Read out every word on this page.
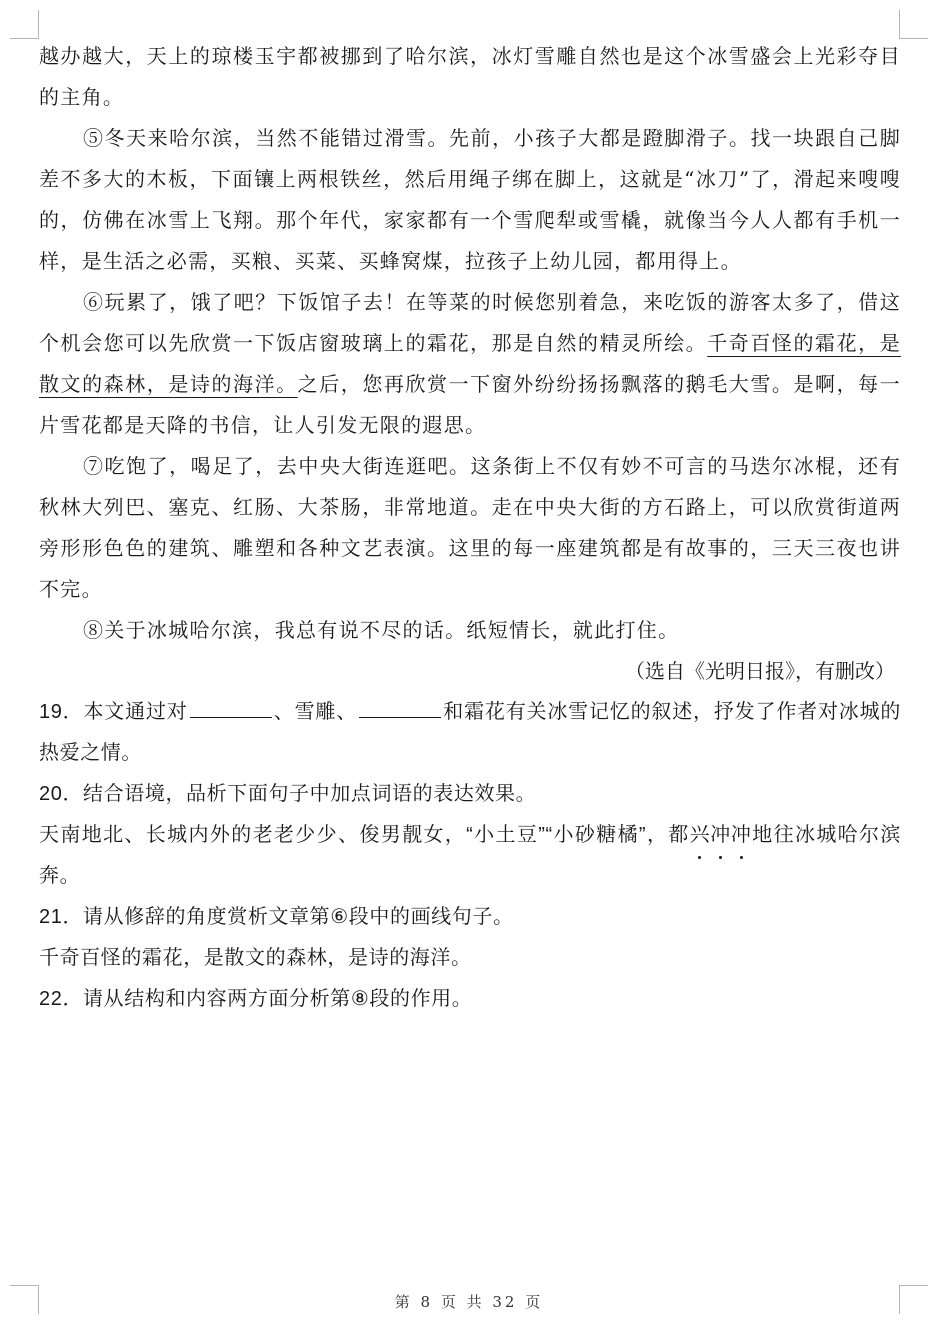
越办越大，天上的琼楼玉宇都被挪到了哈尔滨，冰灯雪雕自然也是这个冰雪盛会上光彩夺目的主角。

⑤冬天来哈尔滨，当然不能错过滑雪。先前，小孩子大都是蹬脚滑子。找一块跟自己脚差不多大的木板，下面镶上两根铁丝，然后用绳子绑在脚上，这就是“冰刀”了，滑起来嗖嗖的，仿佛在冰雪上飞翔。那个年代，家家都有一个雪爬犁或雪橇，就像当今人人都有手机一样，是生活之必需，买粮、买菜、买蜂窝煤，拉孩子上幼儿园，都用得上。

⑥玩累了，饿了吧？下饭馆子去！在等菜的时候您别着急，来吃饭的游客太多了，借这个机会您可以先欣赏一下饭店窗玻璃上的霜花，那是自然的精灵所绘。千奇百怪的霜花，是散文的森林，是诗的海洋。之后，您再欣赏一下窗外纷纷扬扬飘落的鹅毛大雪。是啊，每一片雪花都是天降的书信，让人引发无限的遐思。

⑦吃饱了，喝足了，去中央大街连逛吧。这条街上不仅有妙不可言的马迭尔冰棍，还有秋林大列巴、塞克、红肠、大茶肠，非常地道。走在中央大街的方石路上，可以欣赏街道两旁形形色色的建筑、雕塑和各种文艺表演。这里的每一座建筑都是有故事的，三天三夜也讲不完。

⑧关于冰城哈尔滨，我总有说不尽的话。纸短情长，就此打住。

（选自《光明日报》，有删改）

19．本文通过对	、雪雕、	和霜花有关冰雪记忆的叙述，抒发了作者对冰城的热爱之情。

20．结合语境，品析下面句子中加点词语的表达效果。

天南地北、长城内外的老老少少、俊男靓女，“小土豆”“小砂糖橘”，都兴冲冲地往冰城哈尔滨奔。

21．请从修辞的角度赏析文章第⑥段中的画线句子。

千奇百怪的霜花，是散文的森林，是诗的海洋。

22．请从结构和内容两方面分析第⑧段的作用。

第 8 页 共 32 页
